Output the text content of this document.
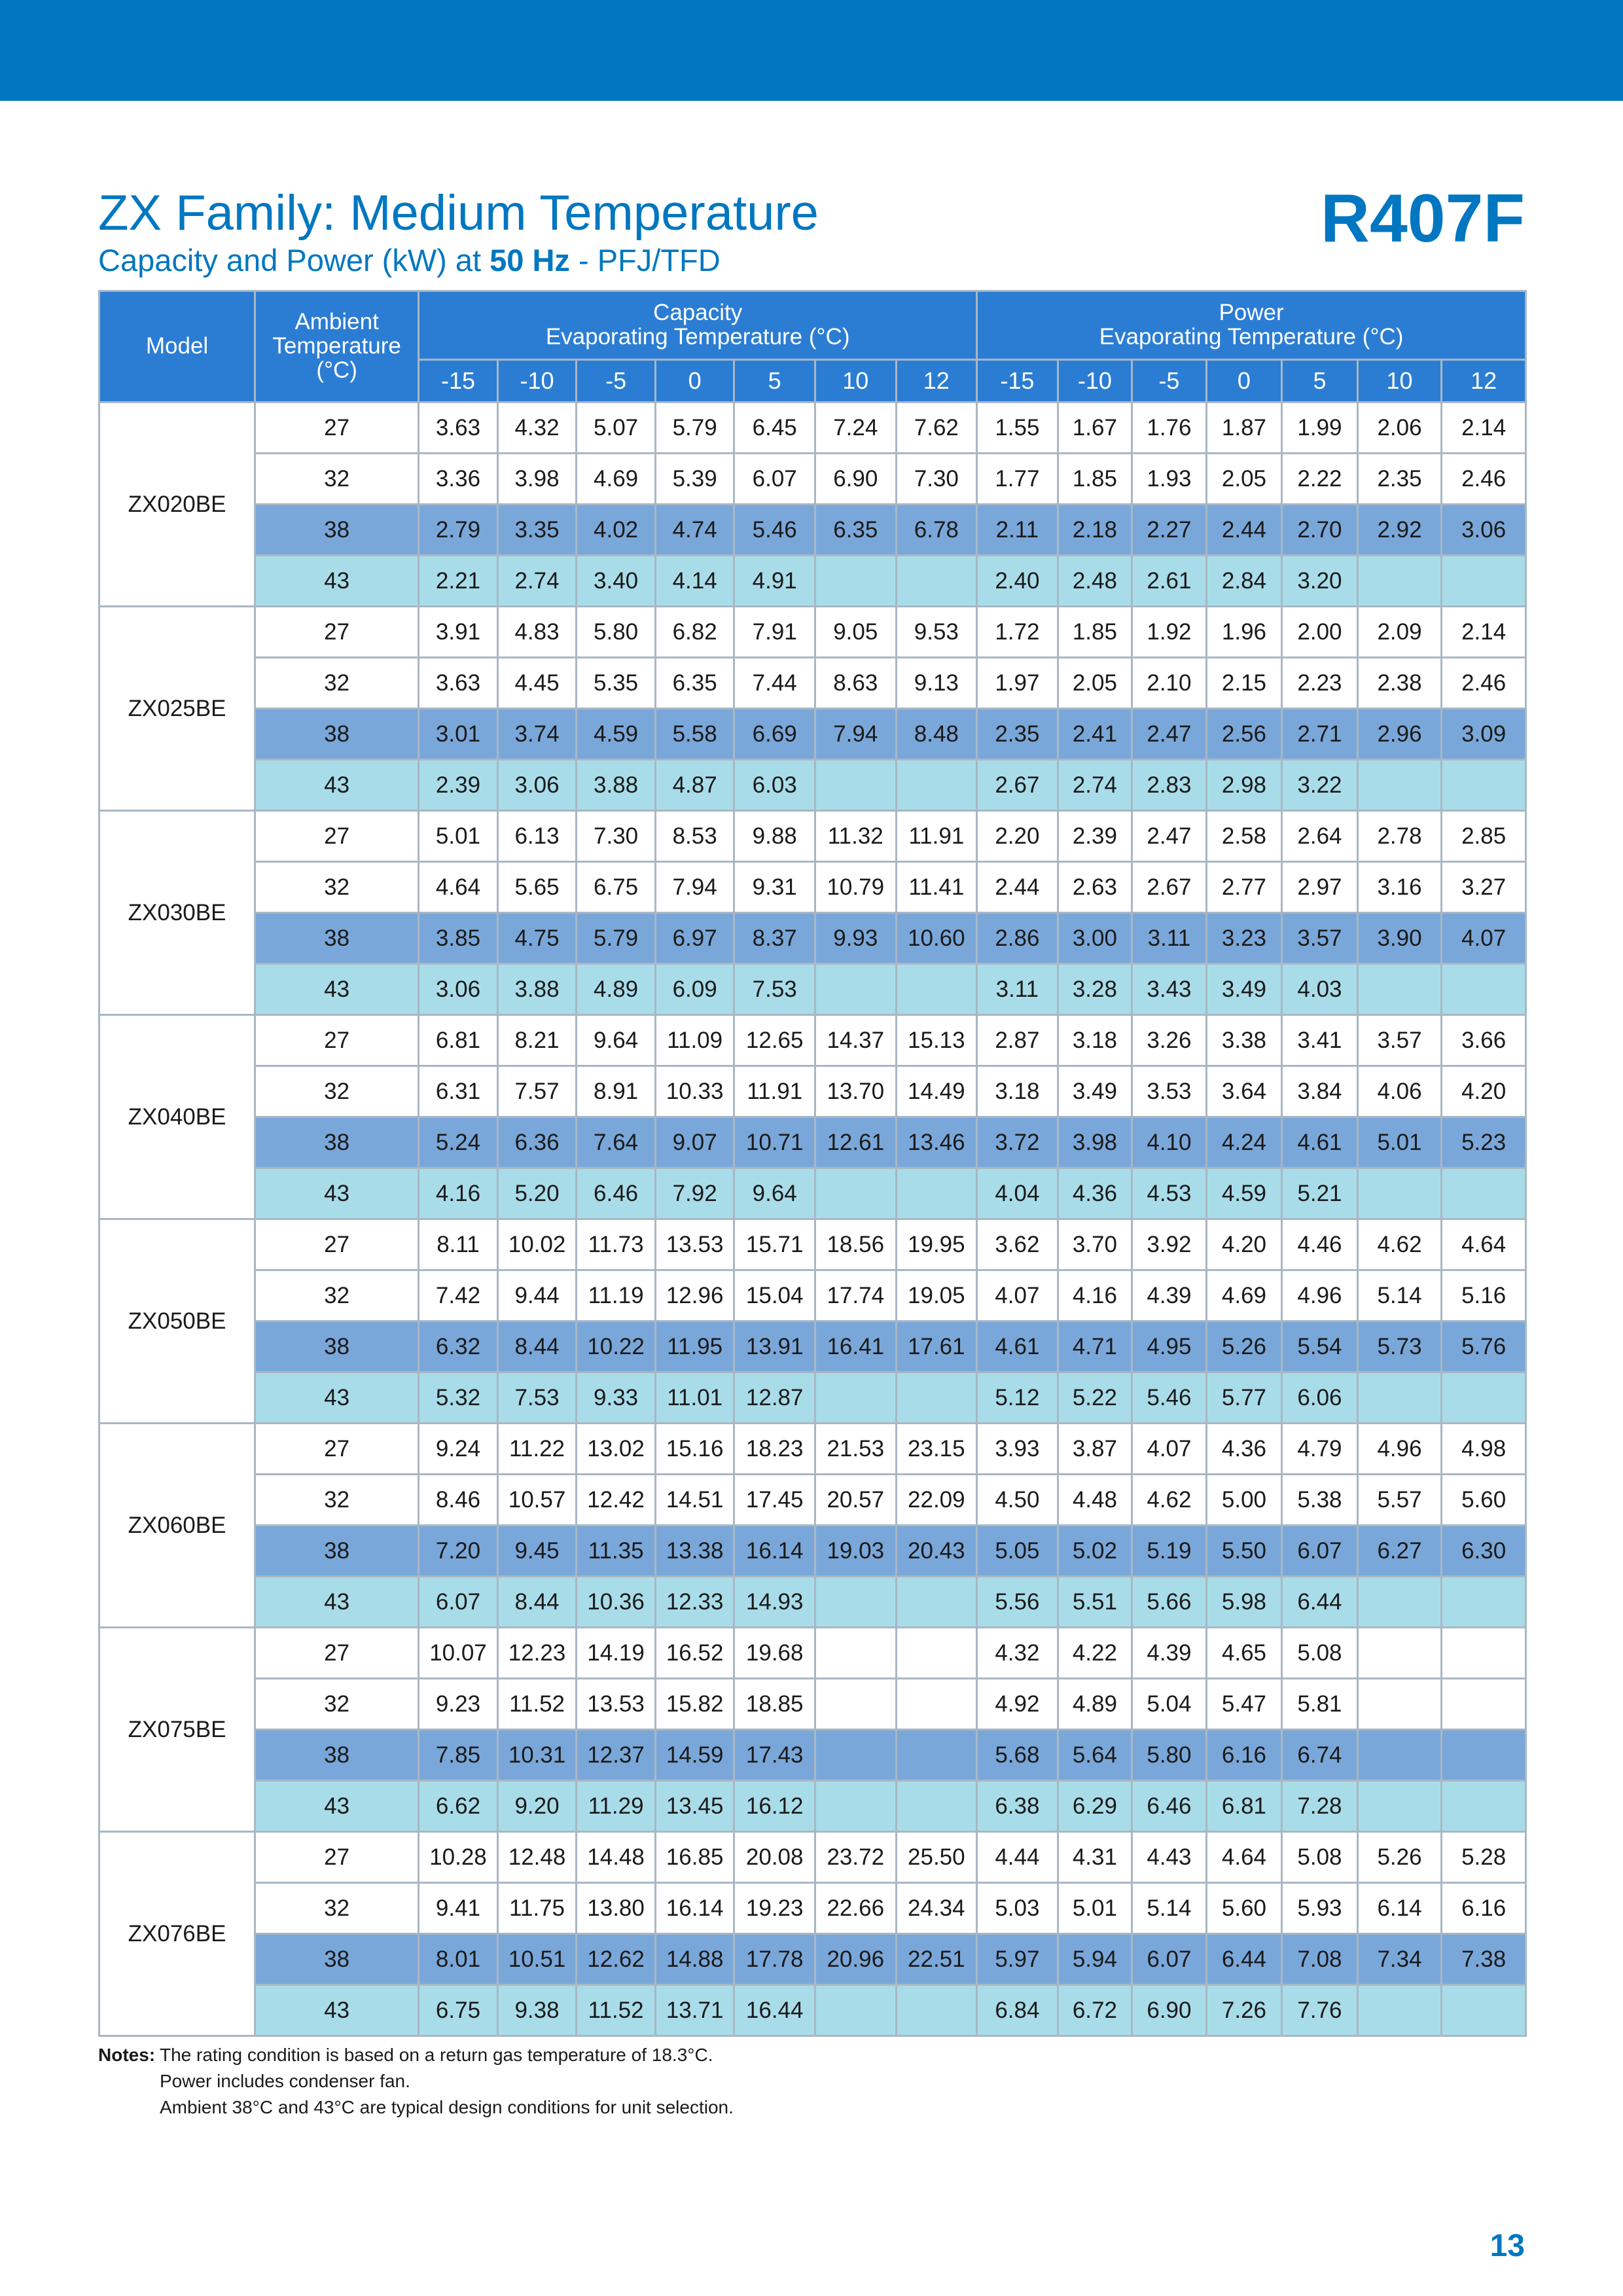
ZX Family: Medium Temperature
Capacity and Power (kW) at 50 Hz - PFJ/TFD
R407F
Model	Ambient
Temperature
(°C)	Capacity
Evaporating Temperature (°C)							Power
Evaporating Temperature (°C)						
		-15	-10	-5	0	5	10	12	-15	-10	-5	0	5	10	12
ZX020BE	27	3.63	4.32	5.07	5.79	6.45	7.24	7.62	1.55	1.67	1.76	1.87	1.99	2.06	2.14
	32	3.36	3.98	4.69	5.39	6.07	6.90	7.30	1.77	1.85	1.93	2.05	2.22	2.35	2.46
	38	2.79	3.35	4.02	4.74	5.46	6.35	6.78	2.11	2.18	2.27	2.44	2.70	2.92	3.06
	43	2.21	2.74	3.40	4.14	4.91			2.40	2.48	2.61	2.84	3.20		
ZX025BE	27	3.91	4.83	5.80	6.82	7.91	9.05	9.53	1.72	1.85	1.92	1.96	2.00	2.09	2.14
	32	3.63	4.45	5.35	6.35	7.44	8.63	9.13	1.97	2.05	2.10	2.15	2.23	2.38	2.46
	38	3.01	3.74	4.59	5.58	6.69	7.94	8.48	2.35	2.41	2.47	2.56	2.71	2.96	3.09
	43	2.39	3.06	3.88	4.87	6.03			2.67	2.74	2.83	2.98	3.22		
ZX030BE	27	5.01	6.13	7.30	8.53	9.88	11.32	11.91	2.20	2.39	2.47	2.58	2.64	2.78	2.85
	32	4.64	5.65	6.75	7.94	9.31	10.79	11.41	2.44	2.63	2.67	2.77	2.97	3.16	3.27
	38	3.85	4.75	5.79	6.97	8.37	9.93	10.60	2.86	3.00	3.11	3.23	3.57	3.90	4.07
	43	3.06	3.88	4.89	6.09	7.53			3.11	3.28	3.43	3.49	4.03		
ZX040BE	27	6.81	8.21	9.64	11.09	12.65	14.37	15.13	2.87	3.18	3.26	3.38	3.41	3.57	3.66
	32	6.31	7.57	8.91	10.33	11.91	13.70	14.49	3.18	3.49	3.53	3.64	3.84	4.06	4.20
	38	5.24	6.36	7.64	9.07	10.71	12.61	13.46	3.72	3.98	4.10	4.24	4.61	5.01	5.23
	43	4.16	5.20	6.46	7.92	9.64			4.04	4.36	4.53	4.59	5.21		
ZX050BE	27	8.11	10.02	11.73	13.53	15.71	18.56	19.95	3.62	3.70	3.92	4.20	4.46	4.62	4.64
	32	7.42	9.44	11.19	12.96	15.04	17.74	19.05	4.07	4.16	4.39	4.69	4.96	5.14	5.16
	38	6.32	8.44	10.22	11.95	13.91	16.41	17.61	4.61	4.71	4.95	5.26	5.54	5.73	5.76
	43	5.32	7.53	9.33	11.01	12.87			5.12	5.22	5.46	5.77	6.06		
ZX060BE	27	9.24	11.22	13.02	15.16	18.23	21.53	23.15	3.93	3.87	4.07	4.36	4.79	4.96	4.98
	32	8.46	10.57	12.42	14.51	17.45	20.57	22.09	4.50	4.48	4.62	5.00	5.38	5.57	5.60
	38	7.20	9.45	11.35	13.38	16.14	19.03	20.43	5.05	5.02	5.19	5.50	6.07	6.27	6.30
	43	6.07	8.44	10.36	12.33	14.93			5.56	5.51	5.66	5.98	6.44		
ZX075BE	27	10.07	12.23	14.19	16.52	19.68			4.32	4.22	4.39	4.65	5.08		
	32	9.23	11.52	13.53	15.82	18.85			4.92	4.89	5.04	5.47	5.81		
	38	7.85	10.31	12.37	14.59	17.43			5.68	5.64	5.80	6.16	6.74		
	43	6.62	9.20	11.29	13.45	16.12			6.38	6.29	6.46	6.81	7.28		
ZX076BE	27	10.28	12.48	14.48	16.85	20.08	23.72	25.50	4.44	4.31	4.43	4.64	5.08	5.26	5.28
	32	9.41	11.75	13.80	16.14	19.23	22.66	24.34	5.03	5.01	5.14	5.60	5.93	6.14	6.16
	38	8.01	10.51	12.62	14.88	17.78	20.96	22.51	5.97	5.94	6.07	6.44	7.08	7.34	7.38
	43	6.75	9.38	11.52	13.71	16.44			6.84	6.72	6.90	7.26	7.76		
Notes: The rating condition is based on a return gas temperature of 18.3°C.
Power includes condenser fan.
Ambient 38°C and 43°C are typical design conditions for unit selection.
13
